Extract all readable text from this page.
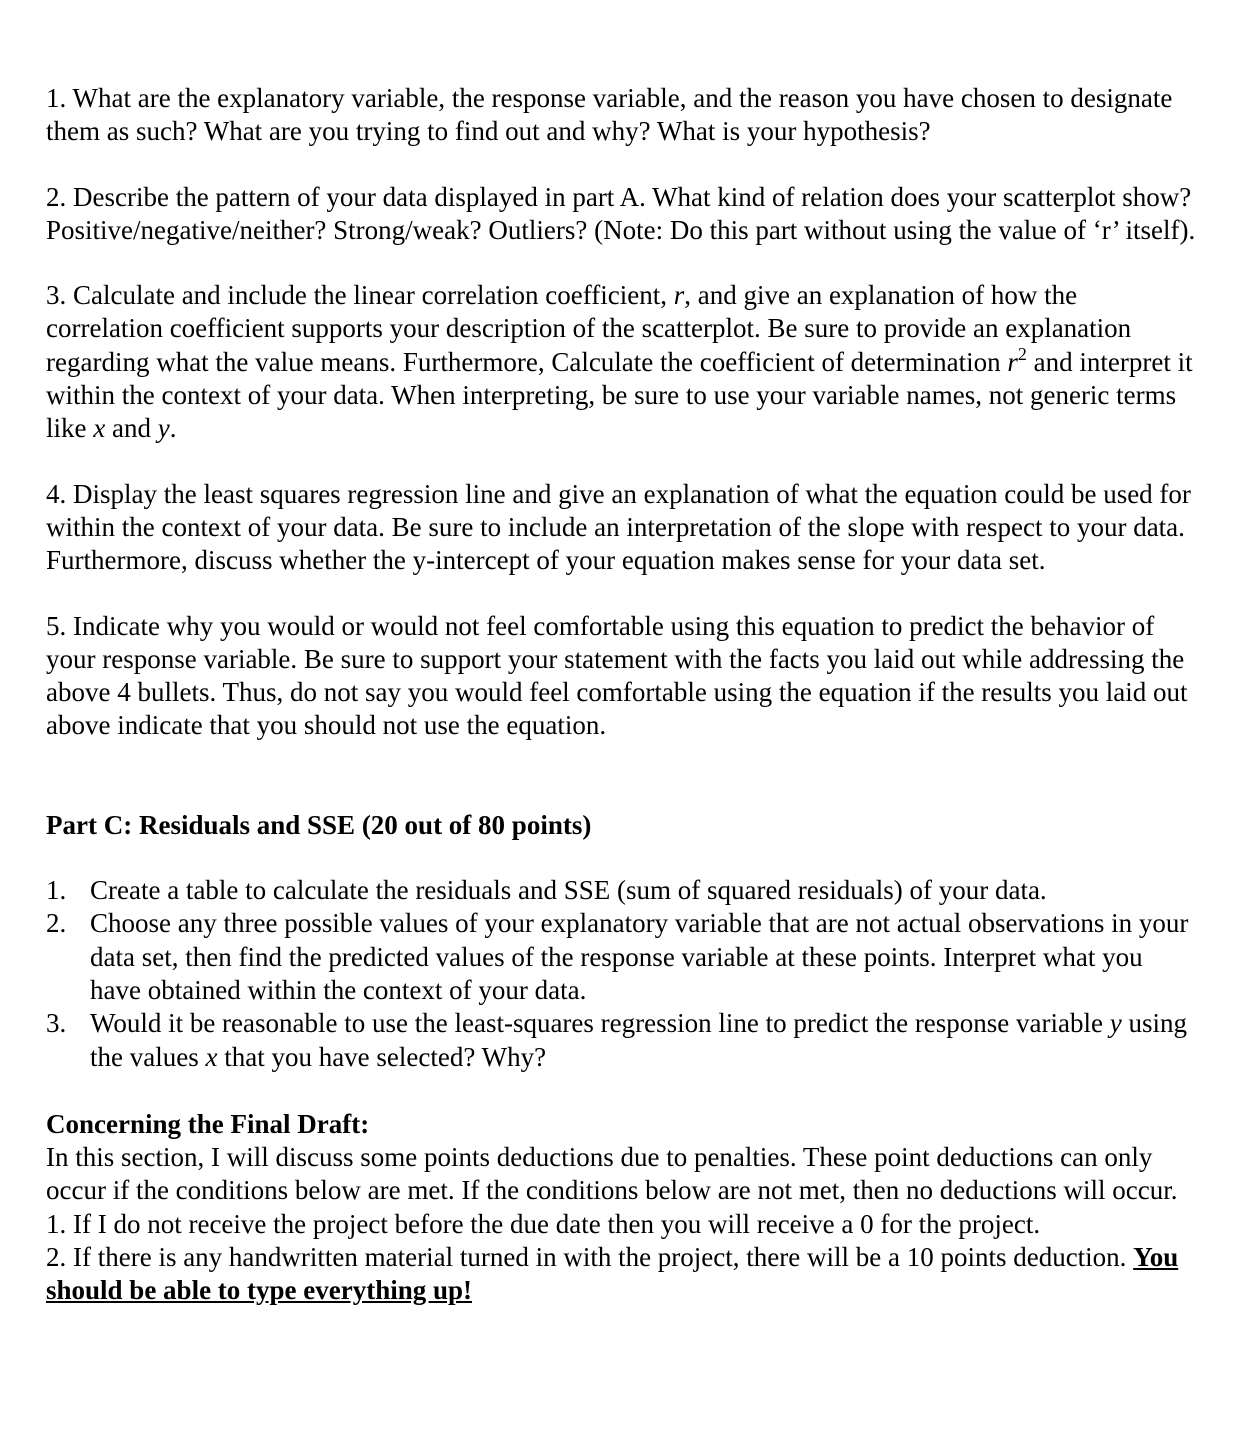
1. What are the explanatory variable, the response variable, and the reason you have chosen to designate them as such? What are you trying to find out and why? What is your hypothesis?

2. Describe the pattern of your data displayed in part A. What kind of relation does your scatterplot show? Positive/negative/neither? Strong/weak? Outliers? (Note: Do this part without using the value of ‘r’ itself).

3. Calculate and include the linear correlation coefficient, r, and give an explanation of how the correlation coefficient supports your description of the scatterplot. Be sure to provide an explanation regarding what the value means. Furthermore, Calculate the coefficient of determination $r^2$ and interpret it within the context of your data. When interpreting, be sure to use your variable names, not generic terms like x and y.

4. Display the least squares regression line and give an explanation of what the equation could be used for within the context of your data. Be sure to include an interpretation of the slope with respect to your data. Furthermore, discuss whether the y-intercept of your equation makes sense for your data set.

5. Indicate why you would or would not feel comfortable using this equation to predict the behavior of your response variable. Be sure to support your statement with the facts you laid out while addressing the above 4 bullets. Thus, do not say you would feel comfortable using the equation if the results you laid out above indicate that you should not use the equation.

Part C: Residuals and SSE (20 out of 80 points)

1. Create a table to calculate the residuals and SSE (sum of squared residuals) of your data.
2. Choose any three possible values of your explanatory variable that are not actual observations in your data set, then find the predicted values of the response variable at these points. Interpret what you have obtained within the context of your data.
3. Would it be reasonable to use the least-squares regression line to predict the response variable y using the values x that you have selected? Why?

Concerning the Final Draft:

In this section, I will discuss some points deductions due to penalties. These point deductions can only occur if the conditions below are met. If the conditions below are not met, then no deductions will occur.

1. If I do not receive the project before the due date then you will receive a 0 for the project.

2. If there is any handwritten material turned in with the project, there will be a 10 points deduction. You should be able to type everything up!
